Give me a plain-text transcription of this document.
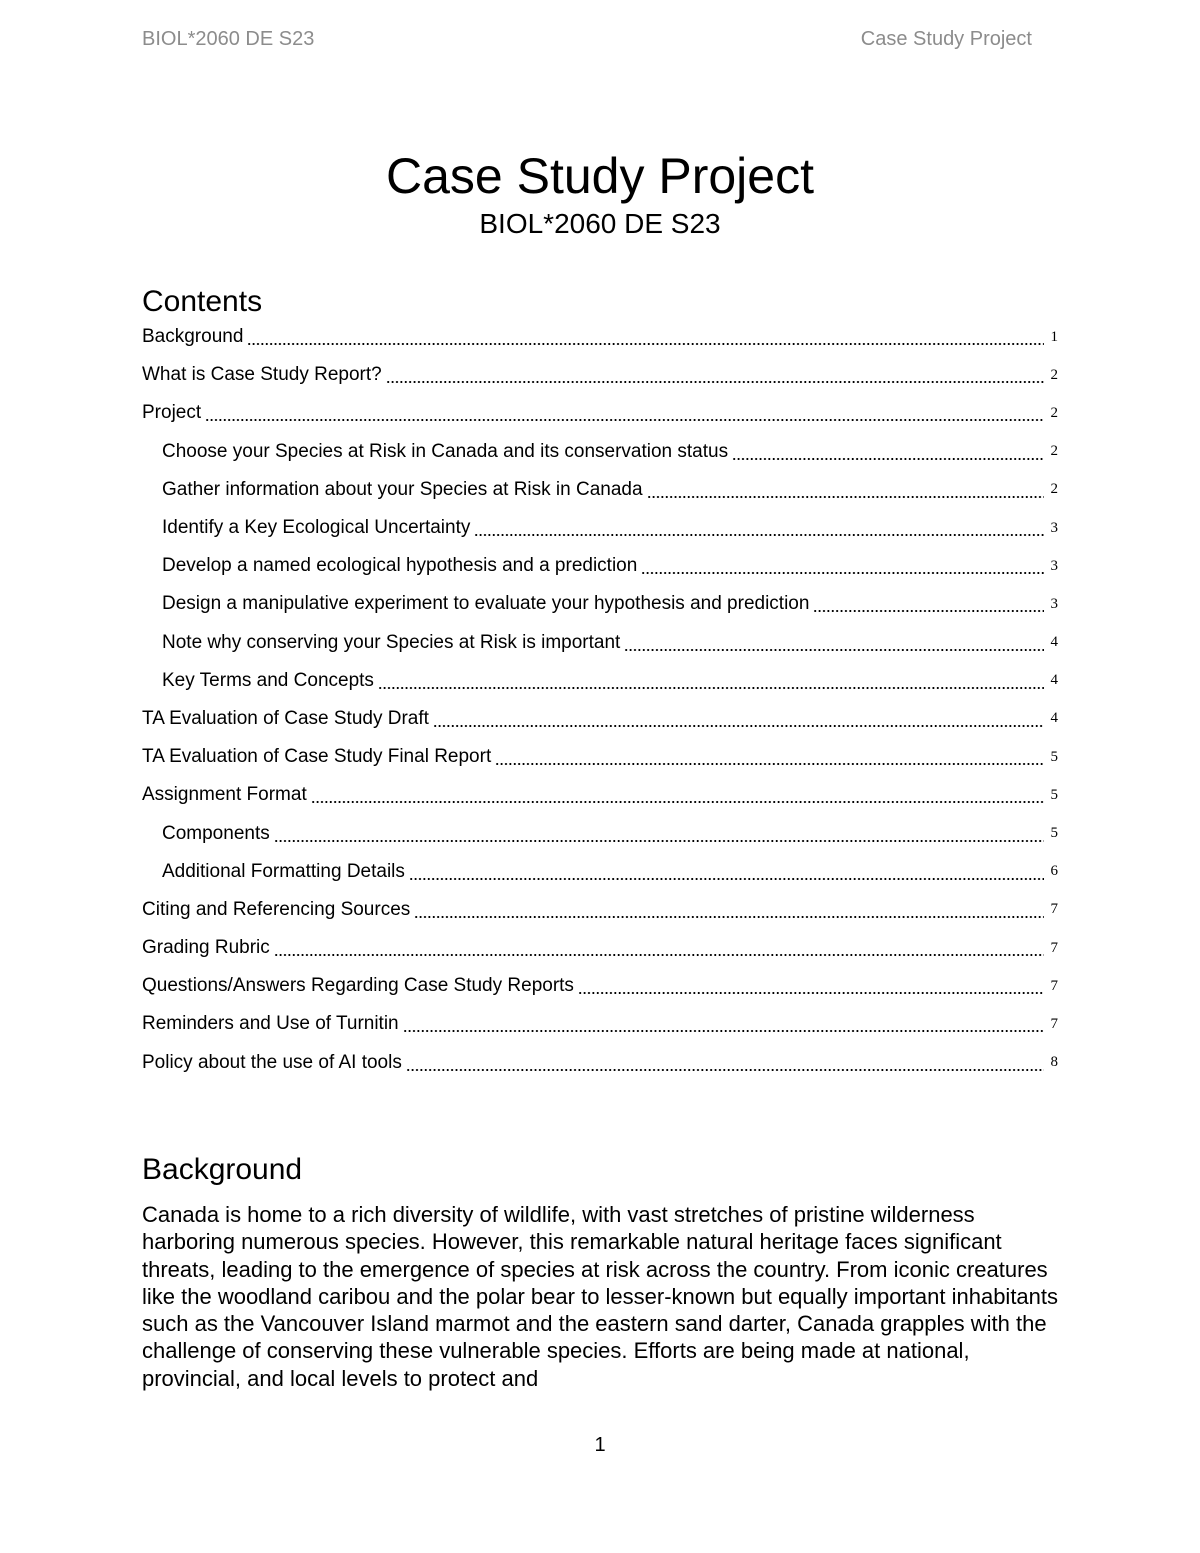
BIOL*2060 DE S23	Case Study Project
Case Study Project
BIOL*2060 DE S23
Contents
Background	1
What is Case Study Report?	2
Project	2
Choose your Species at Risk in Canada and its conservation status	2
Gather information about your Species at Risk in Canada	2
Identify a Key Ecological Uncertainty	3
Develop a named ecological hypothesis and a prediction	3
Design a manipulative experiment to evaluate your hypothesis and prediction	3
Note why conserving your Species at Risk is important	4
Key Terms and Concepts	4
TA Evaluation of Case Study Draft	4
TA Evaluation of Case Study Final Report	5
Assignment Format	5
Components	5
Additional Formatting Details	6
Citing and Referencing Sources	7
Grading Rubric	7
Questions/Answers Regarding Case Study Reports	7
Reminders and Use of Turnitin	7
Policy about the use of AI tools	8
Background

Canada is home to a rich diversity of wildlife, with vast stretches of pristine wilderness harboring numerous species. However, this remarkable natural heritage faces significant threats, leading to the emergence of species at risk across the country. From iconic creatures like the woodland caribou and the polar bear to lesser-known but equally important inhabitants such as the Vancouver Island marmot and the eastern sand darter, Canada grapples with the challenge of conserving these vulnerable species. Efforts are being made at national, provincial, and local levels to protect and

1
